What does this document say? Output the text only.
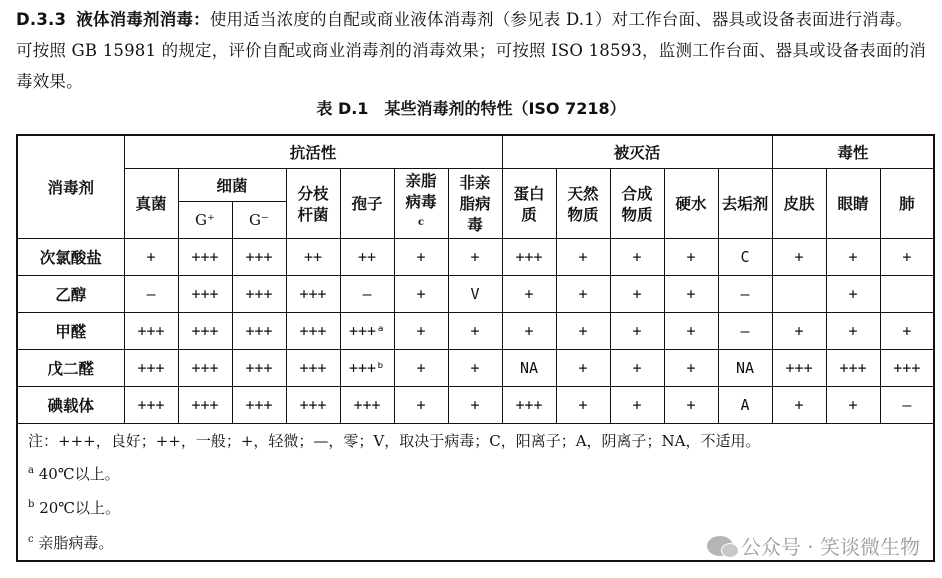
D.3.3 液体消毒剂消毒：使用适当浓度的自配或商业液体消毒剂（参见表 D.1）对工作台面、器具或设备表面进行消毒。可按照 GB 15981 的规定，评价自配或商业消毒剂的消毒效果；可按照 ISO 18593，监测工作台面、器具或设备表面的消毒效果。
表 D.1　某些消毒剂的特性（ISO 7218）
消毒剂	抗活性							被灭活					毒性		
	真菌	细菌		分枝杆菌	孢子	亲脂病毒$^c$	非亲脂病毒	蛋白质	天然物质	合成物质	硬水	去垢剂	皮肤	眼睛	肺
		G⁺	G⁻												
次氯酸盐	+	+++	+++	++	++	+	+	+++	+	+	+	C	+	+	+
乙醇	—	+++	+++	+++	—	+	V	+	+	+	+	—		+	
甲醛	+++	+++	+++	+++	+++ᵃ	+	+	+	+	+	+	—	+	+	+
戊二醛	+++	+++	+++	+++	+++ᵇ	+	+	NA	+	+	+	NA	+++	+++	+++
碘载体	+++	+++	+++	+++	+++	+	+	+++	+	+	+	A	+	+	—
注：+++，良好；++，一般；+，轻微；—，零；V，取决于病毒；C，阳离子；A，阴离子；NA，不适用。															
$^a$ 40℃以上。															
$^b$ 20℃以上。															
$^c$ 亲脂病毒。																公众号 · 笑谈微生物
